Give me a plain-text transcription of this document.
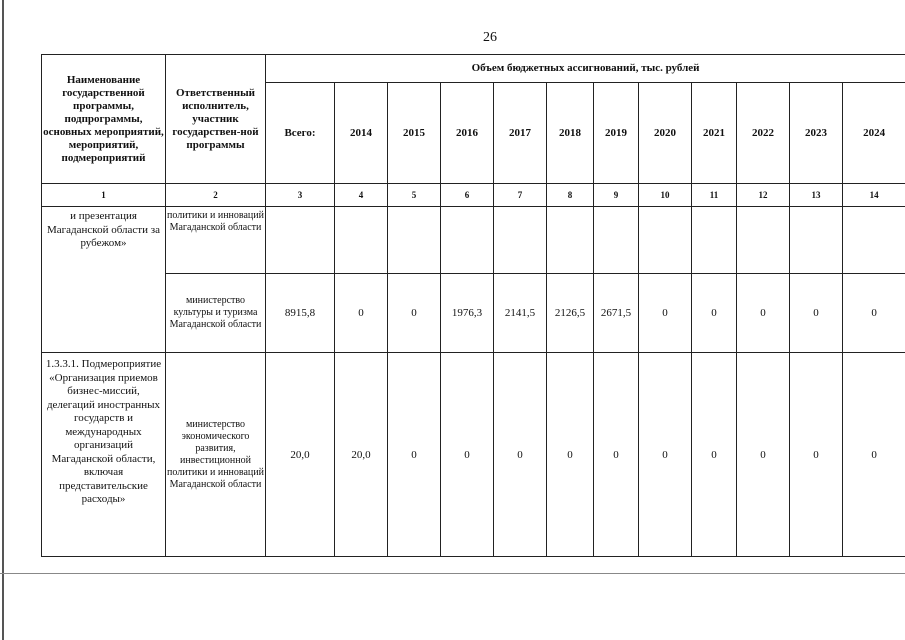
26
Наименование государственной программы, подпрограммы, основных мероприятий, мероприятий, подмероприятий	Ответственный исполнитель, участник государствен-ной программы	Объем бюджетных ассигнований, тыс. рублей											
		Всего:	2014	2015	2016	2017	2018	2019	2020	2021	2022	2023	2024
1	2	3	4	5	6	7	8	9	10	11	12	13	14
и презентация Магаданской области за рубежом»	политики и инноваций Магаданской области												
	министерство культуры и туризма Магаданской области	8915,8	0	0	1976,3	2141,5	2126,5	2671,5	0	0	0	0	0
1.3.3.1. Подмероприятие «Организация приемов бизнес-миссий, делегаций иностранных государств и международных организаций Магаданской области, включая представительские расходы»	министерство экономического развития, инвестиционной политики и инноваций Магаданской области	20,0	20,0	0	0	0	0	0	0	0	0	0	0
